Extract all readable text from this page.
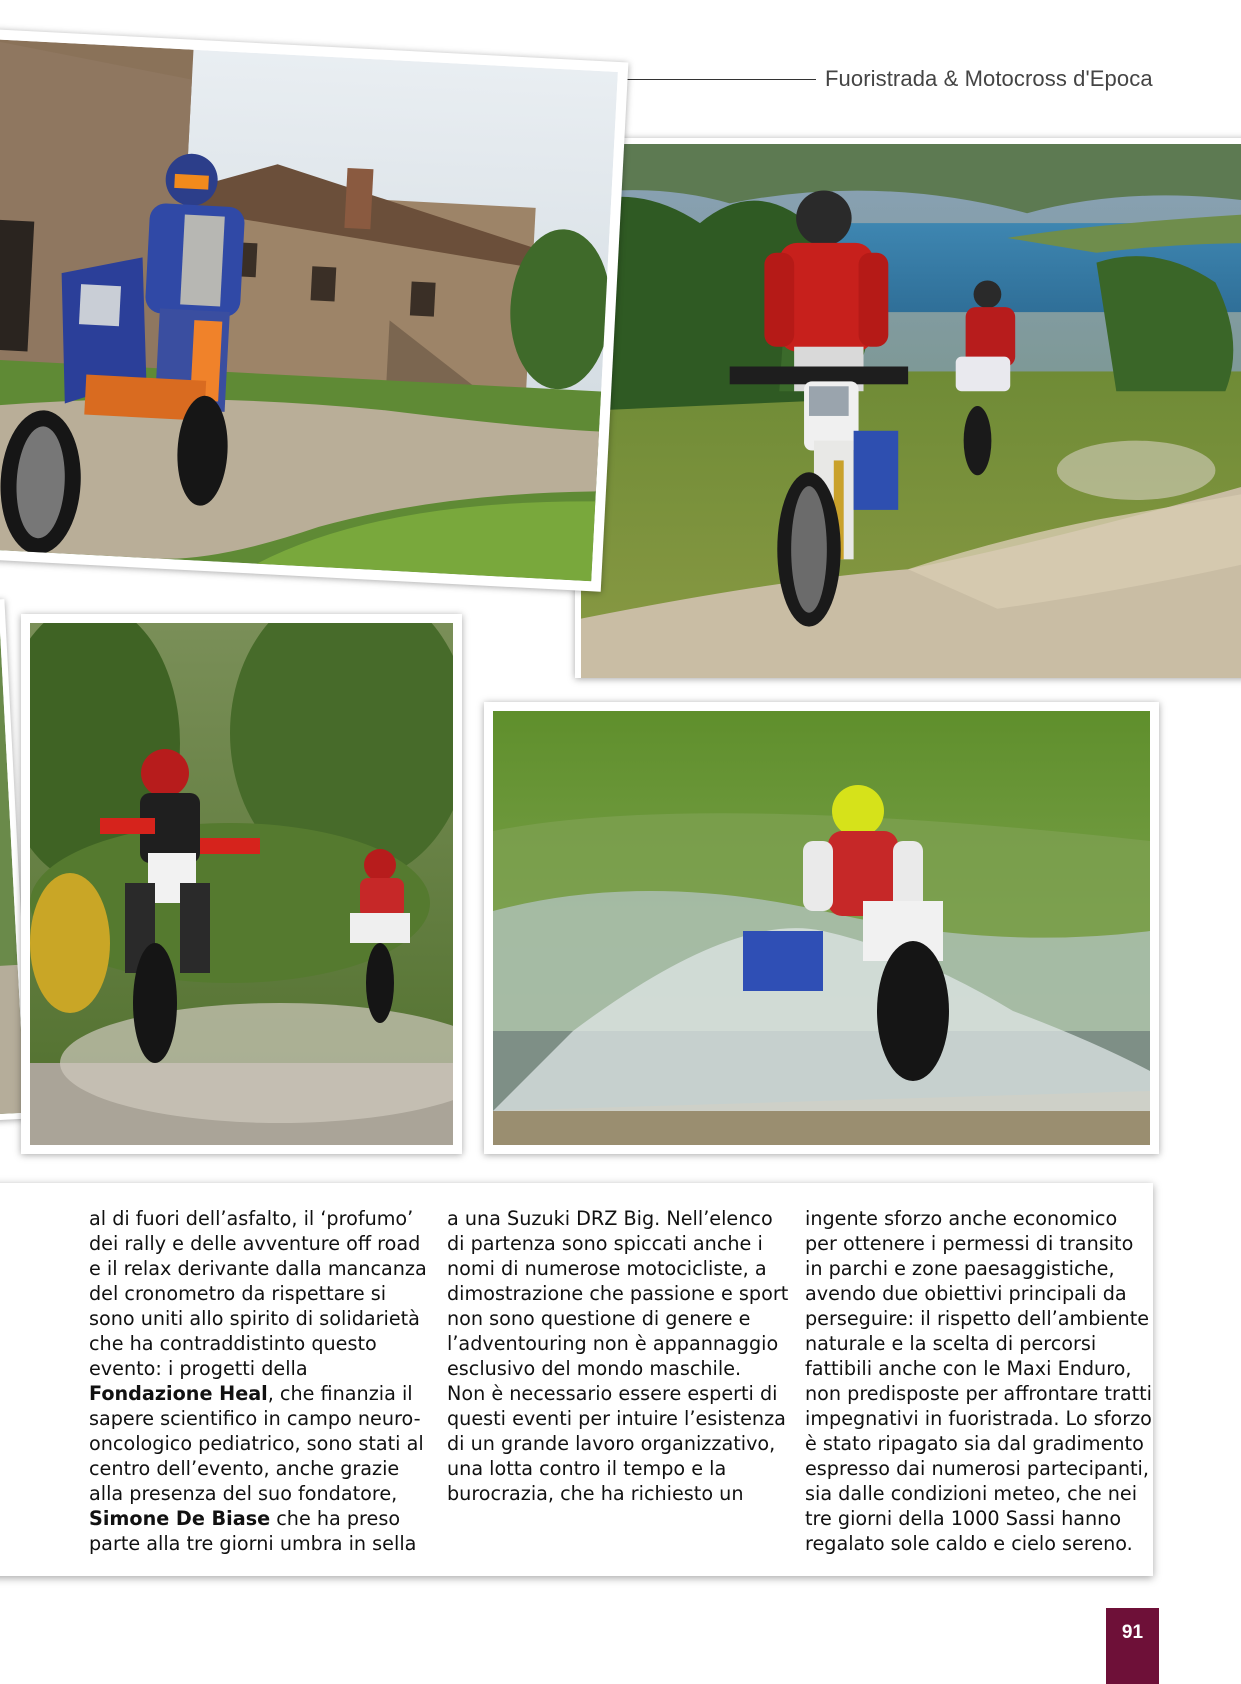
Fuoristrada & Motocross d'Epoca

al di fuori dell’asfalto, il ‘profumo’ dei rally e delle avventure off road e il relax derivante dalla mancanza del cronometro da rispettare si sono uniti allo spirito di solidarietà che ha contraddistinto questo evento: i progetti della Fondazione Heal, che finanzia il sapere scientifico in campo neuro-oncologico pediatrico, sono stati al centro dell’evento, anche grazie alla presenza del suo fondatore, Simone De Biase che ha preso parte alla tre giorni umbra in sella

a una Suzuki DRZ Big. Nell’elenco di partenza sono spiccati anche i nomi di numerose motocicliste, a dimostrazione che passione e sport non sono questione di genere e l’adventouring non è appannaggio esclusivo del mondo maschile.

Non è necessario essere esperti di questi eventi per intuire l’esistenza di un grande lavoro organizzativo, una lotta contro il tempo e la burocrazia, che ha richiesto un

ingente sforzo anche economico per ottenere i permessi di transito in parchi e zone paesaggistiche, avendo due obiettivi principali da perseguire: il rispetto dell’ambiente naturale e la scelta di percorsi fattibili anche con le Maxi Enduro, non predisposte per affrontare tratti impegnativi in fuoristrada. Lo sforzo è stato ripagato sia dal gradimento espresso dai numerosi partecipanti, sia dalle condizioni meteo, che nei tre giorni della 1000 Sassi hanno regalato sole caldo e cielo sereno.

91
